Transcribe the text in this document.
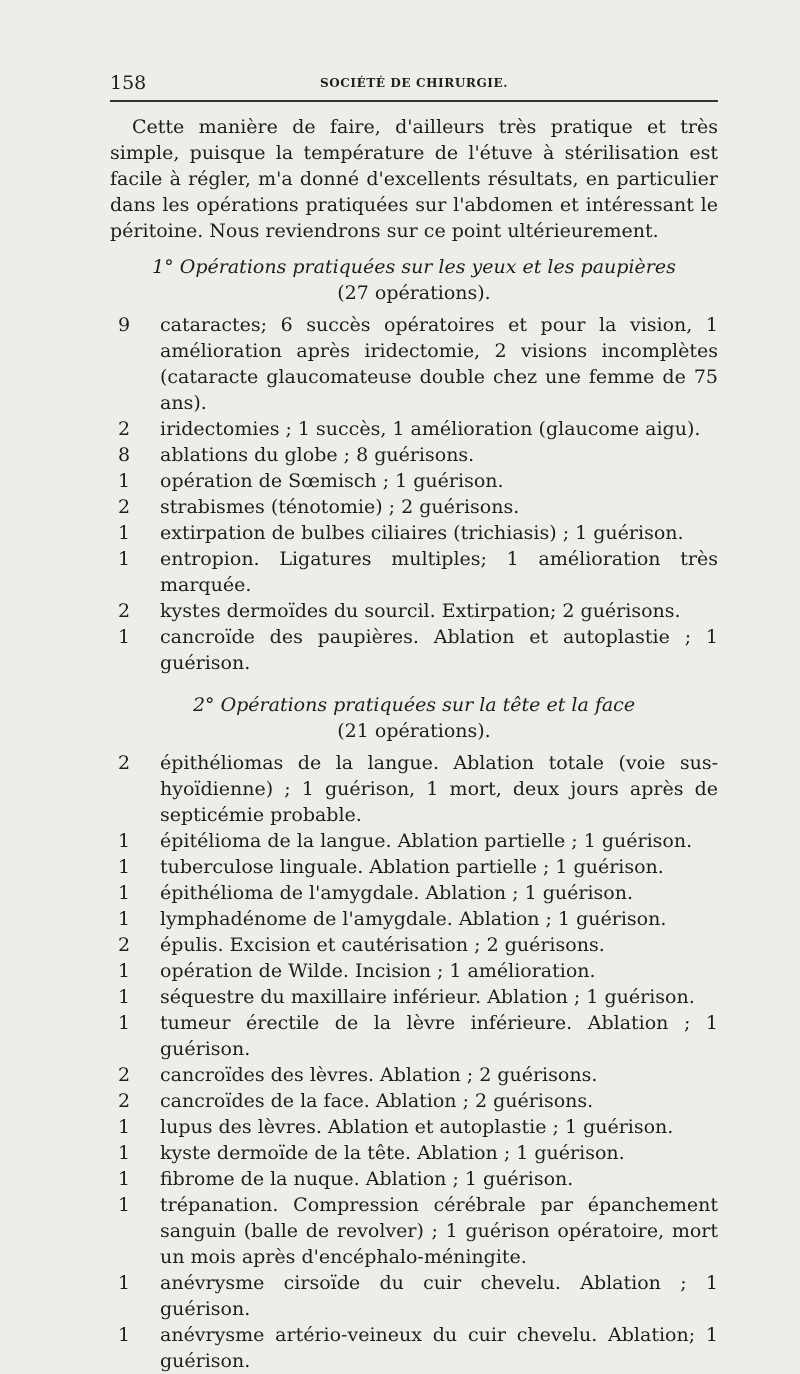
158	SOCIÉTÉ DE CHIRURGIE.

Cette manière de faire, d'ailleurs très pratique et très simple, puisque la température de l'étuve à stérilisation est facile à régler, m'a donné d'excellents résultats, en particulier dans les opérations pratiquées sur l'abdomen et intéressant le péritoine. Nous reviendrons sur ce point ultérieurement.

1° Opérations pratiquées sur les yeux et les paupières
(27 opérations).
9 cataractes; 6 succès opératoires et pour la vision, 1 amélioration après iridectomie, 2 visions incomplètes (cataracte glaucomateuse double chez une femme de 75 ans).
2 iridectomies ; 1 succès, 1 amélioration (glaucome aigu).
8 ablations du globe ; 8 guérisons.
1 opération de Sœmisch ; 1 guérison.
2 strabismes (ténotomie) ; 2 guérisons.
1 extirpation de bulbes ciliaires (trichiasis) ; 1 guérison.
1 entropion. Ligatures multiples; 1 amélioration très marquée.
2 kystes dermoïdes du sourcil. Extirpation; 2 guérisons.
1 cancroïde des paupières. Ablation et autoplastie ; 1 guérison.
2° Opérations pratiquées sur la tête et la face
(21 opérations).
2 épithéliomas de la langue. Ablation totale (voie sus-hyoïdienne) ; 1 guérison, 1 mort, deux jours après de septicémie probable.
1 épitélioma de la langue. Ablation partielle ; 1 guérison.
1 tuberculose linguale. Ablation partielle ; 1 guérison.
1 épithélioma de l'amygdale. Ablation ; 1 guérison.
1 lymphadénome de l'amygdale. Ablation ; 1 guérison.
2 épulis. Excision et cautérisation ; 2 guérisons.
1 opération de Wilde. Incision ; 1 amélioration.
1 séquestre du maxillaire inférieur. Ablation ; 1 guérison.
1 tumeur érectile de la lèvre inférieure. Ablation ; 1 guérison.
2 cancroïdes des lèvres. Ablation ; 2 guérisons.
2 cancroïdes de la face. Ablation ; 2 guérisons.
1 lupus des lèvres. Ablation et autoplastie ; 1 guérison.
1 kyste dermoïde de la tête. Ablation ; 1 guérison.
1 fibrome de la nuque. Ablation ; 1 guérison.
1 trépanation. Compression cérébrale par épanchement sanguin (balle de revolver) ; 1 guérison opératoire, mort un mois après d'encéphalo-méningite.
1 anévrysme cirsoïde du cuir chevelu. Ablation ; 1 guérison.
1 anévrysme artério-veineux du cuir chevelu. Ablation; 1 guérison.
